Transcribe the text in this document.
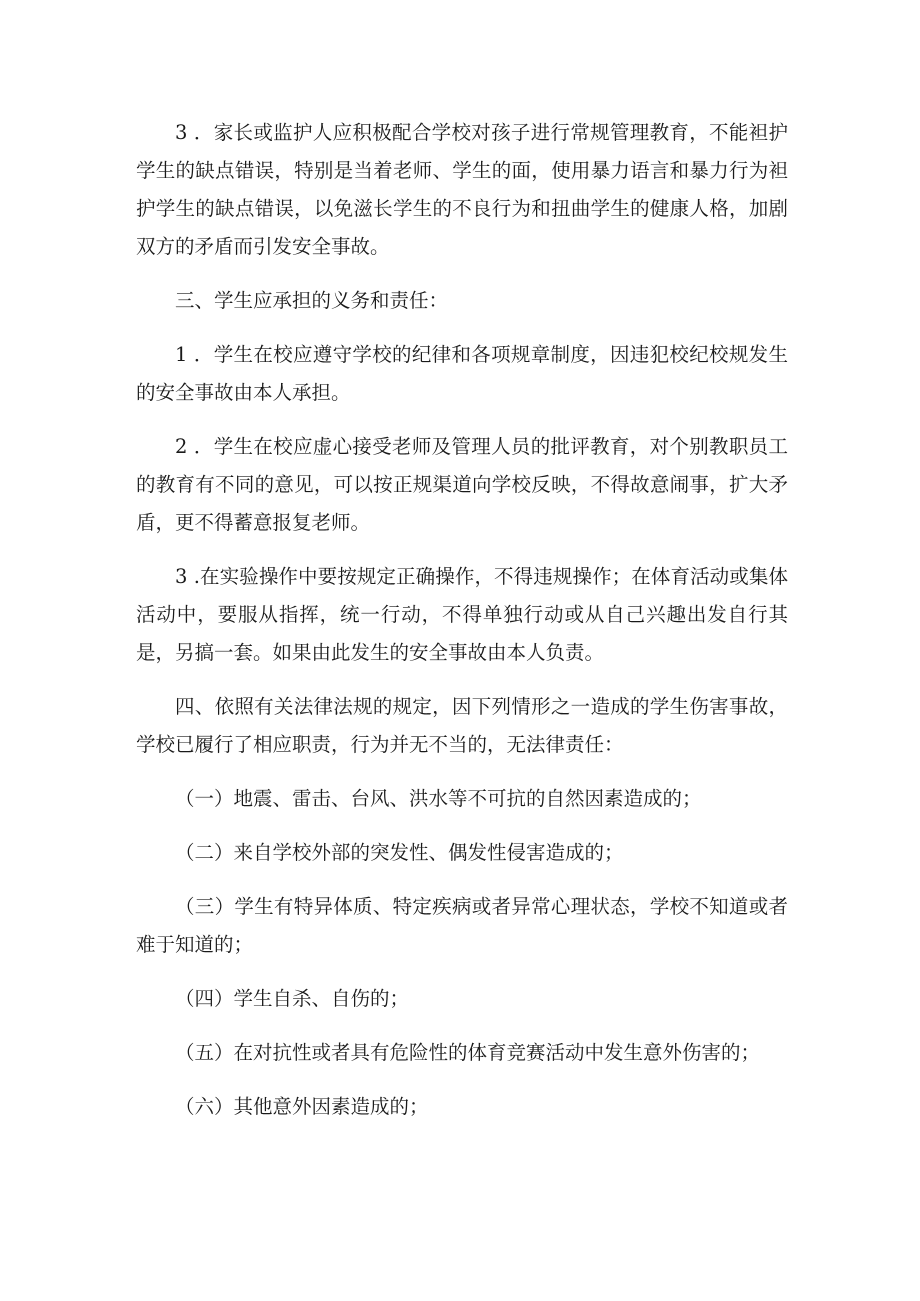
3 ．家长或监护人应积极配合学校对孩子进行常规管理教育，不能袒护学生的缺点错误，特别是当着老师、学生的面，使用暴力语言和暴力行为袒护学生的缺点错误，以免滋长学生的不良行为和扭曲学生的健康人格，加剧双方的矛盾而引发安全事故。

三、学生应承担的义务和责任：

1 ．学生在校应遵守学校的纪律和各项规章制度，因违犯校纪校规发生的安全事故由本人承担。

2 ．学生在校应虚心接受老师及管理人员的批评教育，对个别教职员工的教育有不同的意见，可以按正规渠道向学校反映，不得故意闹事，扩大矛盾，更不得蓄意报复老师。

3 .在实验操作中要按规定正确操作，不得违规操作；在体育活动或集体活动中，要服从指挥，统一行动，不得单独行动或从自己兴趣出发自行其是，另搞一套。如果由此发生的安全事故由本人负责。

四、依照有关法律法规的规定，因下列情形之一造成的学生伤害事故，学校已履行了相应职责，行为并无不当的，无法律责任：

（一）地震、雷击、台风、洪水等不可抗的自然因素造成的；

（二）来自学校外部的突发性、偶发性侵害造成的；

（三）学生有特异体质、特定疾病或者异常心理状态，学校不知道或者难于知道的；

（四）学生自杀、自伤的；

（五）在对抗性或者具有危险性的体育竞赛活动中发生意外伤害的；

（六）其他意外因素造成的；
